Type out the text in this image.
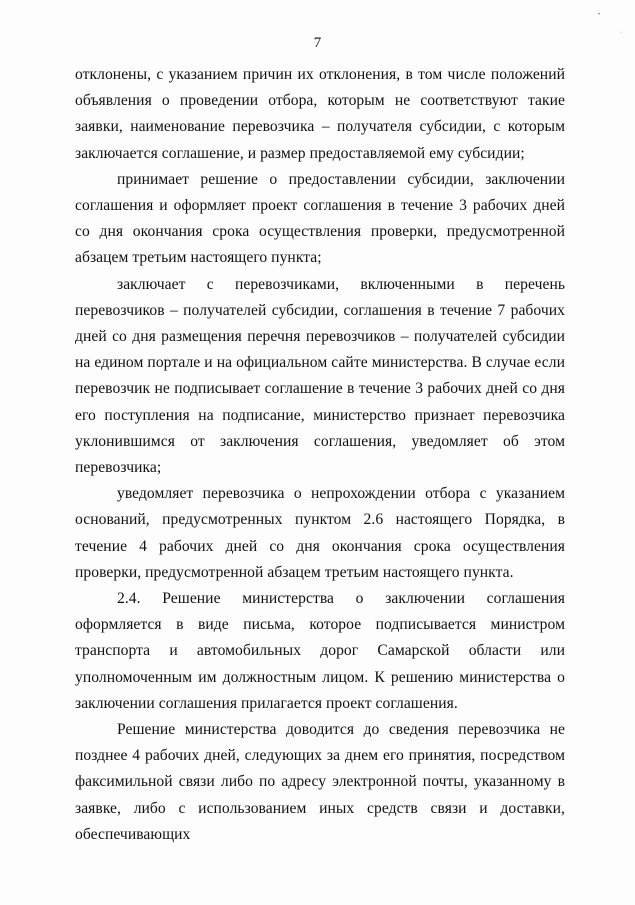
7

отклонены, с указанием причин их отклонения, в том числе положений объявления о проведении отбора, которым не соответствуют такие заявки, наименование перевозчика – получателя субсидии, с которым заключается соглашение, и размер предоставляемой ему субсидии;

принимает решение о предоставлении субсидии, заключении соглашения и оформляет проект соглашения в течение 3 рабочих дней со дня окончания срока осуществления проверки, предусмотренной абзацем третьим настоящего пункта;

заключает с перевозчиками, включенными в перечень перевозчиков – получателей субсидии, соглашения в течение 7 рабочих дней со дня размещения перечня перевозчиков – получателей субсидии на едином портале и на официальном сайте министерства. В случае если перевозчик не подписывает соглашение в течение 3 рабочих дней со дня его поступления на подписание, министерство признает перевозчика уклонившимся от заключения соглашения, уведомляет об этом перевозчика;

уведомляет перевозчика о непрохождении отбора с указанием оснований, предусмотренных пунктом 2.6 настоящего Порядка, в течение 4 рабочих дней со дня окончания срока осуществления проверки, предусмотренной абзацем третьим настоящего пункта.

2.4. Решение министерства о заключении соглашения оформляется в виде письма, которое подписывается министром транспорта и автомобильных дорог Самарской области или уполномоченным им должностным лицом. К решению министерства о заключении соглашения прилагается проект соглашения.

Решение министерства доводится до сведения перевозчика не позднее 4 рабочих дней, следующих за днем его принятия, посредством факсимильной связи либо по адресу электронной почты, указанному в заявке, либо с использованием иных средств связи и доставки, обеспечивающих

•
·
